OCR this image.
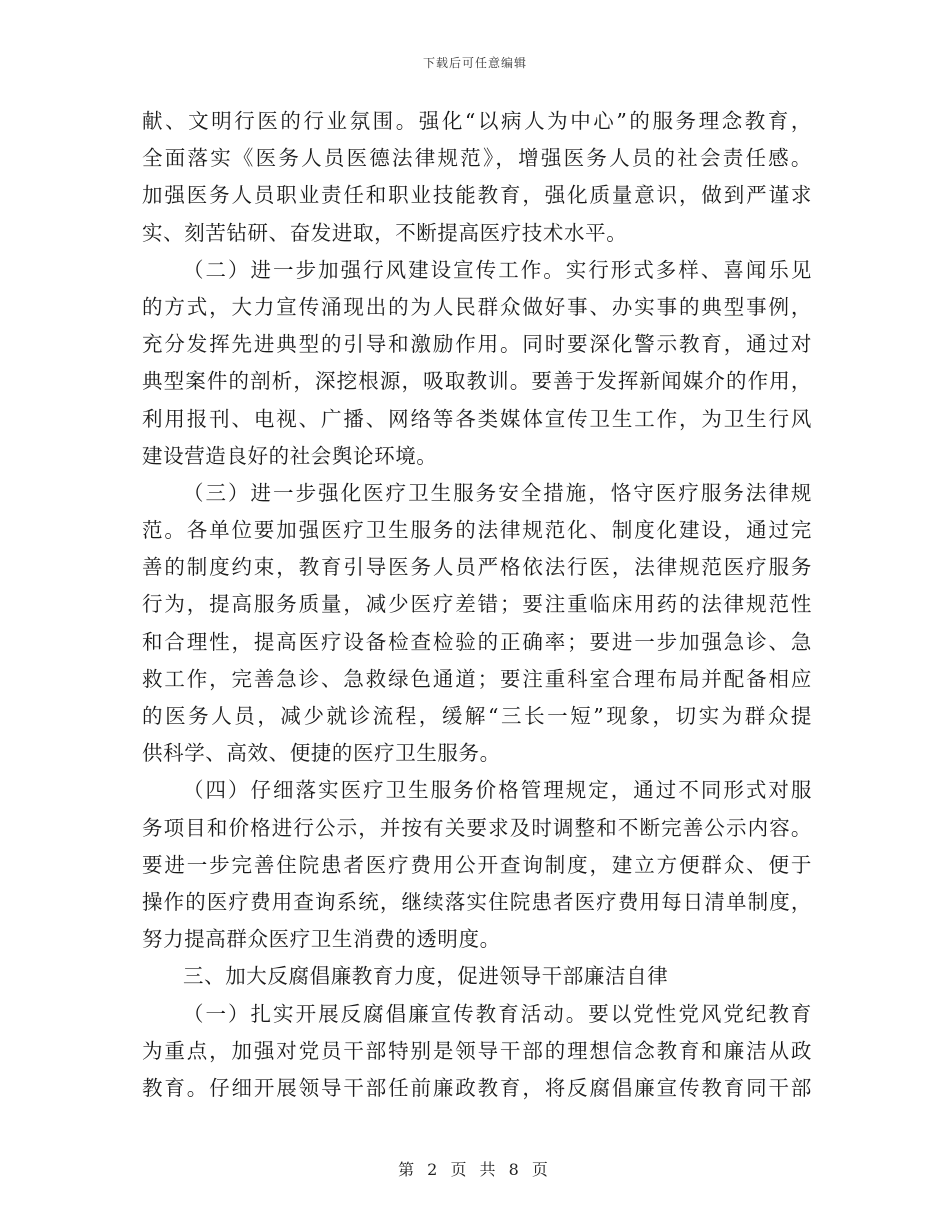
下载后可任意编辑
献、文明行医的行业氛围。强化“以病人为中心”的服务理念教育，
全面落实《医务人员医德法律规范》，增强医务人员的社会责任感。
加强医务人员职业责任和职业技能教育，强化质量意识，做到严谨求
实、刻苦钻研、奋发进取，不断提高医疗技术水平。
（二）进一步加强行风建设宣传工作。实行形式多样、喜闻乐见
的方式，大力宣传涌现出的为人民群众做好事、办实事的典型事例，
充分发挥先进典型的引导和激励作用。同时要深化警示教育，通过对
典型案件的剖析，深挖根源，吸取教训。要善于发挥新闻媒介的作用，
利用报刊、电视、广播、网络等各类媒体宣传卫生工作，为卫生行风
建设营造良好的社会舆论环境。
（三）进一步强化医疗卫生服务安全措施，恪守医疗服务法律规
范。各单位要加强医疗卫生服务的法律规范化、制度化建设，通过完
善的制度约束，教育引导医务人员严格依法行医，法律规范医疗服务
行为，提高服务质量，减少医疗差错；要注重临床用药的法律规范性
和合理性，提高医疗设备检查检验的正确率；要进一步加强急诊、急
救工作，完善急诊、急救绿色通道；要注重科室合理布局并配备相应
的医务人员，减少就诊流程，缓解“三长一短”现象，切实为群众提
供科学、高效、便捷的医疗卫生服务。
（四）仔细落实医疗卫生服务价格管理规定，通过不同形式对服
务项目和价格进行公示，并按有关要求及时调整和不断完善公示内容。
要进一步完善住院患者医疗费用公开查询制度，建立方便群众、便于
操作的医疗费用查询系统，继续落实住院患者医疗费用每日清单制度，
努力提高群众医疗卫生消费的透明度。
三、加大反腐倡廉教育力度，促进领导干部廉洁自律
（一）扎实开展反腐倡廉宣传教育活动。要以党性党风党纪教育
为重点，加强对党员干部特别是领导干部的理想信念教育和廉洁从政
教育。仔细开展领导干部任前廉政教育，将反腐倡廉宣传教育同干部
第 2 页 共 8 页
